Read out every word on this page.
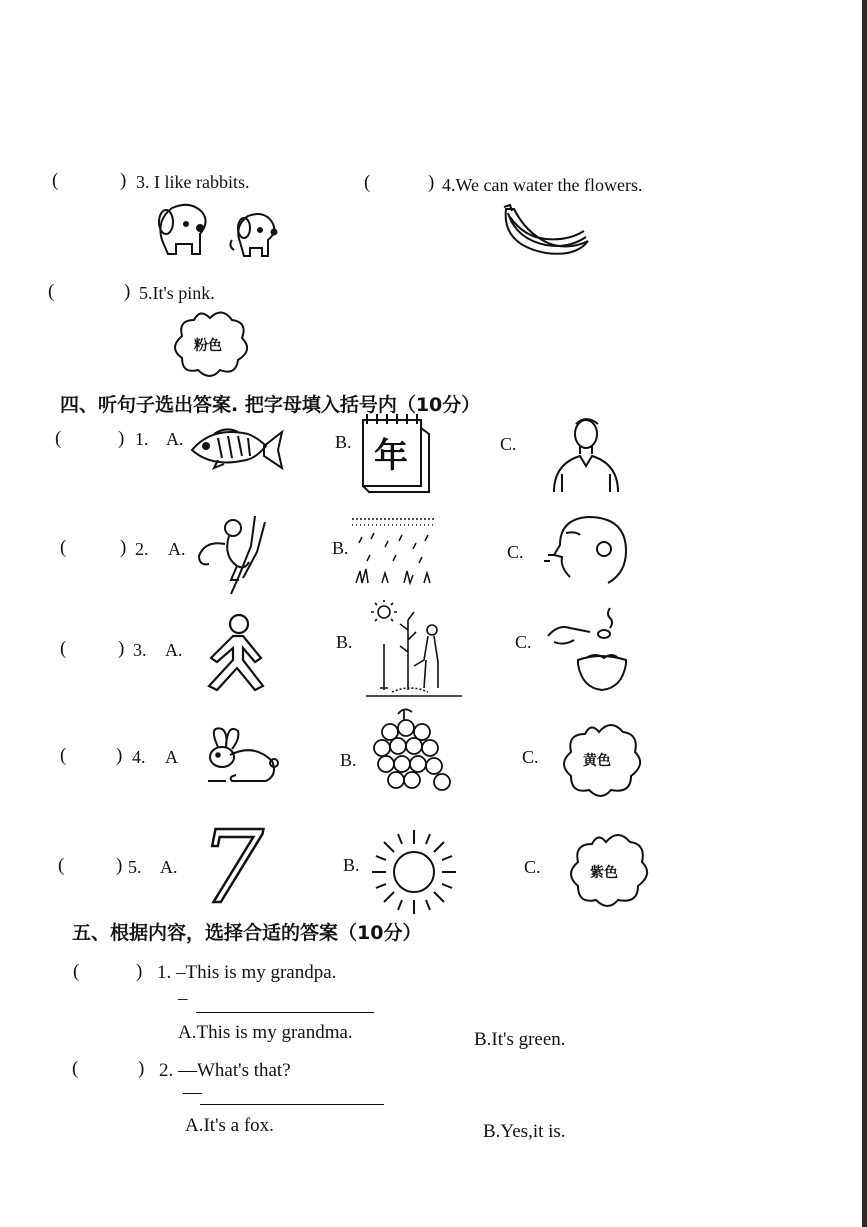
(	) 3. I like rabbits.	(	) 4.We can water the flowers.
(	) 5.It's pink.
粉色
四、听句子选出答案. 把字母填入括号内（10分）
(	) 1. A.	B. 年	C.
(	) 2. A.	B.	C.
(	) 3. A.	B.	C.
(	) 4. A	B.	C.	黄色
(	) 5. A. 7	B.	C.	紫色
五、根据内容，选择合适的答案（10分）
(	) 1. –This is my grandpa.
–
A.This is my grandma.	B.It's green.
(	) 2. —What's that?
—
A.It's a fox.	B.Yes,it is.
